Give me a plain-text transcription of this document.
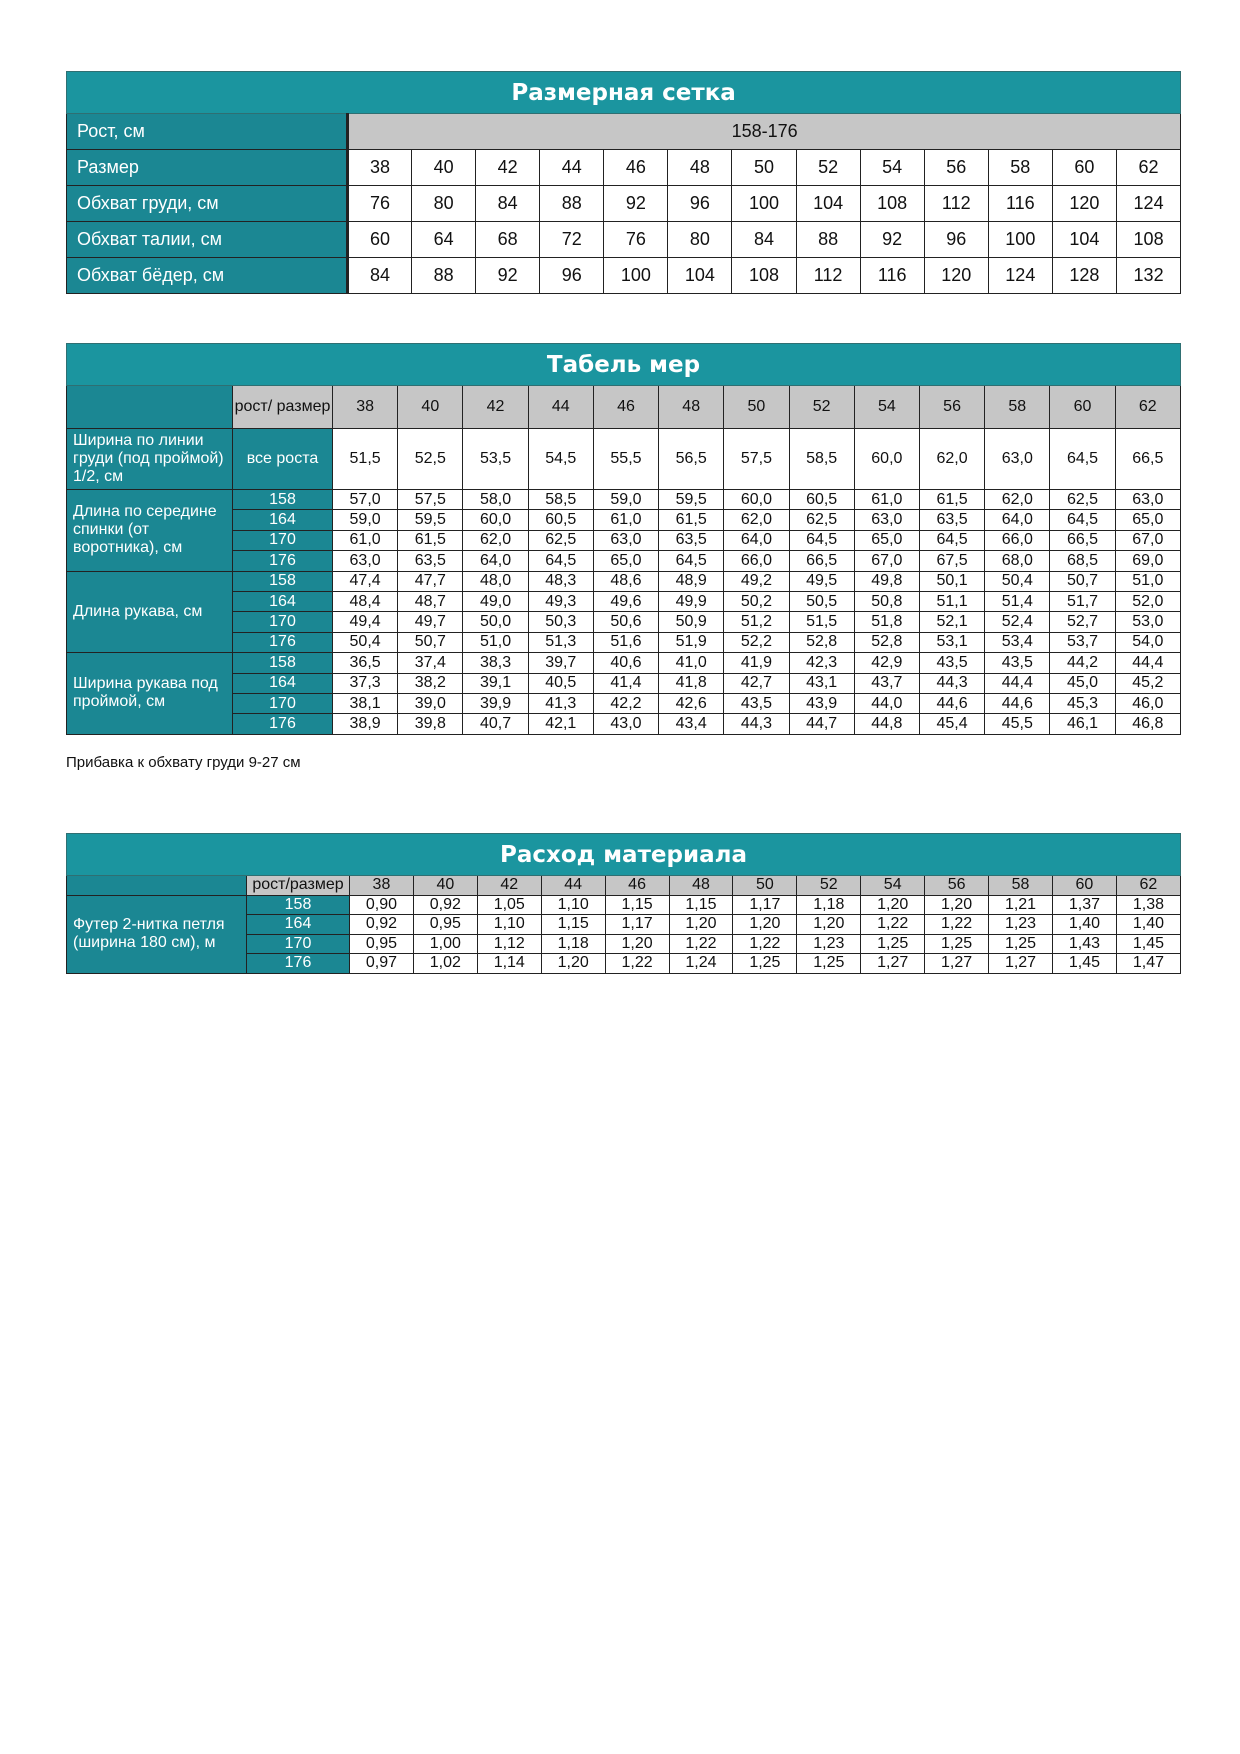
Размерная сетка													
Рост, см	158-176												
Размер	38	40	42	44	46	48	50	52	54	56	58	60	62
Обхват груди, см	76	80	84	88	92	96	100	104	108	112	116	120	124
Обхват талии, см	60	64	68	72	76	80	84	88	92	96	100	104	108
Обхват бёдер, см	84	88	92	96	100	104	108	112	116	120	124	128	132
Табель мер														
	рост/ размер	38	40	42	44	46	48	50	52	54	56	58	60	62
Ширина по линии груди (под проймой) 1/2, см	все роста	51,5	52,5	53,5	54,5	55,5	56,5	57,5	58,5	60,0	62,0	63,0	64,5	66,5
Длина по середине спинки (от воротника), см	158	57,0	57,5	58,0	58,5	59,0	59,5	60,0	60,5	61,0	61,5	62,0	62,5	63,0
	164	59,0	59,5	60,0	60,5	61,0	61,5	62,0	62,5	63,0	63,5	64,0	64,5	65,0
	170	61,0	61,5	62,0	62,5	63,0	63,5	64,0	64,5	65,0	64,5	66,0	66,5	67,0
	176	63,0	63,5	64,0	64,5	65,0	64,5	66,0	66,5	67,0	67,5	68,0	68,5	69,0
Длина рукава, см	158	47,4	47,7	48,0	48,3	48,6	48,9	49,2	49,5	49,8	50,1	50,4	50,7	51,0
	164	48,4	48,7	49,0	49,3	49,6	49,9	50,2	50,5	50,8	51,1	51,4	51,7	52,0
	170	49,4	49,7	50,0	50,3	50,6	50,9	51,2	51,5	51,8	52,1	52,4	52,7	53,0
	176	50,4	50,7	51,0	51,3	51,6	51,9	52,2	52,8	52,8	53,1	53,4	53,7	54,0
Ширина рукава под проймой, см	158	36,5	37,4	38,3	39,7	40,6	41,0	41,9	42,3	42,9	43,5	43,5	44,2	44,4
	164	37,3	38,2	39,1	40,5	41,4	41,8	42,7	43,1	43,7	44,3	44,4	45,0	45,2
	170	38,1	39,0	39,9	41,3	42,2	42,6	43,5	43,9	44,0	44,6	44,6	45,3	46,0
	176	38,9	39,8	40,7	42,1	43,0	43,4	44,3	44,7	44,8	45,4	45,5	46,1	46,8
Прибавка к обхвату груди 9-27 см
Расход материала														
	рост/размер	38	40	42	44	46	48	50	52	54	56	58	60	62
Футер 2-нитка петля (ширина 180 см), м	158	0,90	0,92	1,05	1,10	1,15	1,15	1,17	1,18	1,20	1,20	1,21	1,37	1,38
	164	0,92	0,95	1,10	1,15	1,17	1,20	1,20	1,20	1,22	1,22	1,23	1,40	1,40
	170	0,95	1,00	1,12	1,18	1,20	1,22	1,22	1,23	1,25	1,25	1,25	1,43	1,45
	176	0,97	1,02	1,14	1,20	1,22	1,24	1,25	1,25	1,27	1,27	1,27	1,45	1,47
